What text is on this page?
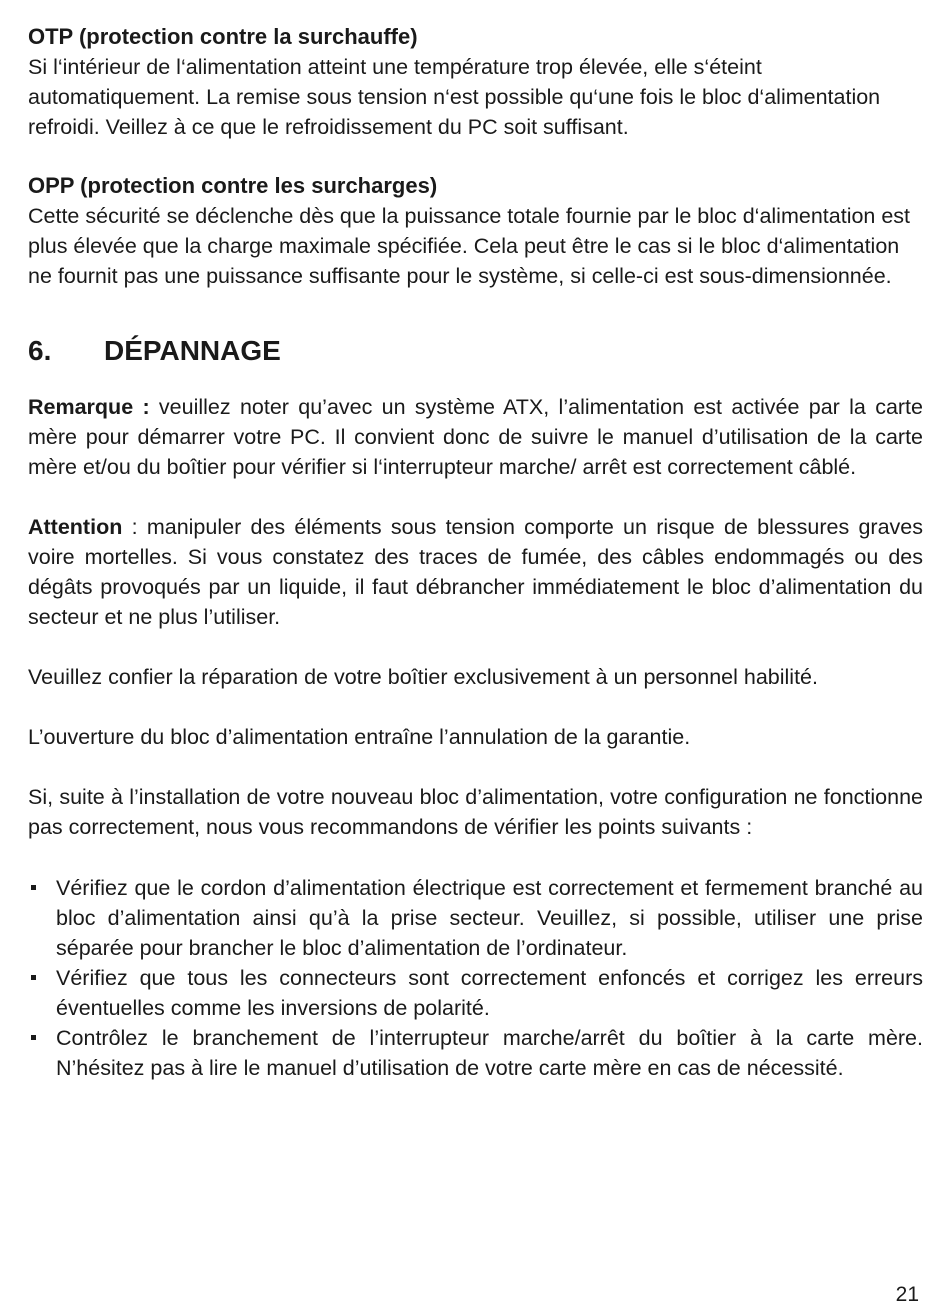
OTP (protection contre la surchauffe)

Si l‘intérieur de l‘alimentation atteint une température trop élevée, elle s‘éteint automatiquement. La remise sous tension n‘est possible qu‘une fois le bloc d‘alimentation refroidi. Veillez à ce que le refroidissement du PC soit suffisant.

OPP (protection contre les surcharges)

Cette sécurité se déclenche dès que la puissance totale fournie par le bloc d‘alimentation est plus élevée que la charge maximale spécifiée. Cela peut être le cas si le bloc d‘alimentation ne fournit pas une puissance suffisante pour le système, si celle-ci est sous-dimensionnée.

6.	DÉPANNAGE

Remarque : veuillez noter qu’avec un système ATX, l’alimentation est activée par la carte mère pour démarrer votre PC. Il convient donc de suivre le manuel d’utilisation de la carte mère et/ou du boîtier pour vérifier si l‘interrupteur marche/ arrêt est correctement câblé.

Attention : manipuler des éléments sous tension comporte un risque de blessures graves voire mortelles. Si vous constatez des traces de fumée, des câbles endommagés ou des dégâts provoqués par un liquide, il faut débrancher immédiatement le bloc d’alimentation du secteur et ne plus l’utiliser.

Veuillez confier la réparation de votre boîtier exclusivement à un personnel habilité.

L’ouverture du bloc d’alimentation entraîne l’annulation de la garantie.

Si, suite à l’installation de votre nouveau bloc d’alimentation, votre configuration ne fonctionne pas correctement, nous vous recommandons de vérifier les points suivants :

Vérifiez que le cordon d’alimentation électrique est correctement et fermement branché au bloc d’alimentation ainsi qu’à la prise secteur. Veuillez, si possible, utiliser une prise séparée pour brancher le bloc d’alimentation de l’ordinateur.
Vérifiez que tous les connecteurs sont correctement enfoncés et corrigez les erreurs éventuelles comme les inversions de polarité.
Contrôlez le branchement de l’interrupteur marche/arrêt du boîtier à la carte mère. N’hésitez pas à lire le manuel d’utilisation de votre carte mère en cas de nécessité.
21
